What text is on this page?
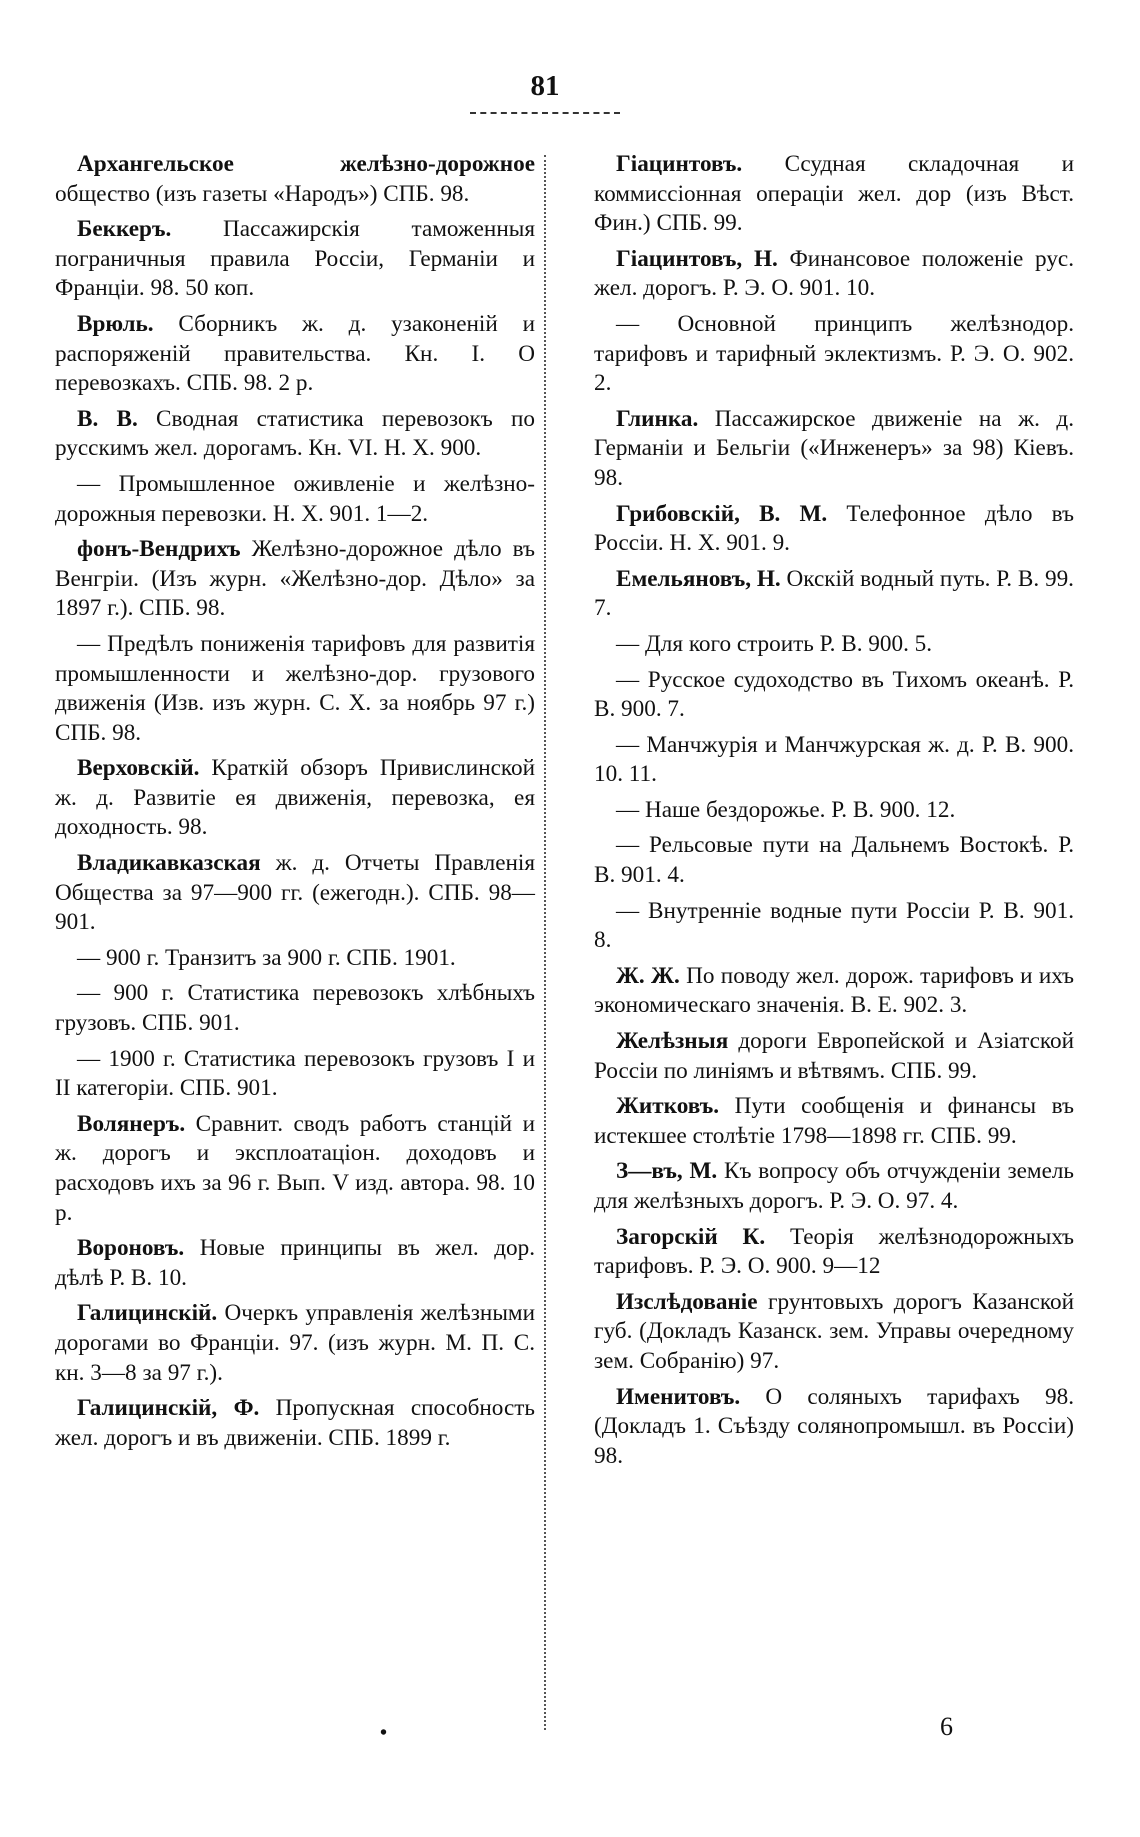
81

Архангельское желѣзно-дорожное общество (изъ газеты «Народъ») СПБ. 98.

Беккеръ. Пассажирскія таможенныя пограничныя правила Россіи, Германіи и Франціи. 98. 50 коп.

Врюль. Сборникъ ж. д. узаконеній и распоряженій правительства. Кн. I. О перевозкахъ. СПБ. 98. 2 р.

В. В. Сводная статистика перевозокъ по русскимъ жел. дорогамъ. Кн. VI. Н. Х. 900.

— Промышленное оживленіе и желѣзно-дорожныя перевозки. Н. Х. 901. 1—2.

фонъ-Вендрихъ Желѣзно-дорожное дѣло въ Венгріи. (Изъ журн. «Желѣзно-дор. Дѣло» за 1897 г.). СПБ. 98.

— Предѣлъ пониженія тарифовъ для развитія промышленности и желѣзно-дор. грузового движенія (Изв. изъ журн. С. Х. за ноябрь 97 г.) СПБ. 98.

Верховскій. Краткій обзоръ Привислинской ж. д. Развитіе ея движенія, перевозка, ея доходность. 98.

Владикавказская ж. д. Отчеты Правленія Общества за 97—900 гг. (ежегодн.). СПБ. 98—901.

— 900 г. Транзитъ за 900 г. СПБ. 1901.

— 900 г. Статистика перевозокъ хлѣбныхъ грузовъ. СПБ. 901.

— 1900 г. Статистика перевозокъ грузовъ I и II категоріи. СПБ. 901.

Волянеръ. Сравнит. сводъ работъ станцій и ж. дорогъ и эксплоатаціон. доходовъ и расходовъ ихъ за 96 г. Вып. V изд. автора. 98. 10 р.

Вороновъ. Новые принципы въ жел. дор. дѣлѣ Р. В. 10.

Галицинскій. Очеркъ управленія желѣзными дорогами во Франціи. 97. (изъ журн. М. П. С. кн. 3—8 за 97 г.).

Галицинскій, Ф. Пропускная способность жел. дорогъ и въ движеніи. СПБ. 1899 г.

Гіацинтовъ. Ссудная складочная и коммиссіонная операціи жел. дор (изъ Вѣст. Фин.) СПБ. 99.

Гіацинтовъ, Н. Финансовое положеніе рус. жел. дорогъ. Р. Э. О. 901. 10.

— Основной принципъ желѣзнодор. тарифовъ и тарифный эклектизмъ. Р. Э. О. 902. 2.

Глинка. Пассажирское движеніе на ж. д. Германіи и Бельгіи («Инженеръ» за 98) Кіевъ. 98.

Грибовскій, В. М. Телефонное дѣло въ Россіи. Н. Х. 901. 9.

Емельяновъ, Н. Окскій водный путь. Р. В. 99. 7.

— Для кого строить Р. В. 900. 5.

— Русское судоходство въ Тихомъ океанѣ. Р. В. 900. 7.

— Манчжурія и Манчжурская ж. д. Р. В. 900. 10. 11.

— Наше бездорожье. Р. В. 900. 12.

— Рельсовые пути на Дальнемъ Востокѣ. Р. В. 901. 4.

— Внутренніе водные пути Россіи Р. В. 901. 8.

Ж. Ж. По поводу жел. дорож. тарифовъ и ихъ экономическаго значенія. В. Е. 902. 3.

Желѣзныя дороги Европейской и Азіатской Россіи по линіямъ и вѣтвямъ. СПБ. 99.

Житковъ. Пути сообщенія и финансы въ истекшее столѣтіе 1798—1898 гг. СПБ. 99.

З—въ, М. Къ вопросу объ отчужденіи земель для желѣзныхъ дорогъ. Р. Э. О. 97. 4.

Загорскій К. Теорія желѣзнодорожныхъ тарифовъ. Р. Э. О. 900. 9—12

Изслѣдованіе грунтовыхъ дорогъ Казанской губ. (Докладъ Казанск. зем. Управы очередному зем. Собранію) 97.

Именитовъ. О соляныхъ тарифахъ 98. (Докладъ 1. Съѣзду солянопромышл. въ Россіи) 98.

•	6
